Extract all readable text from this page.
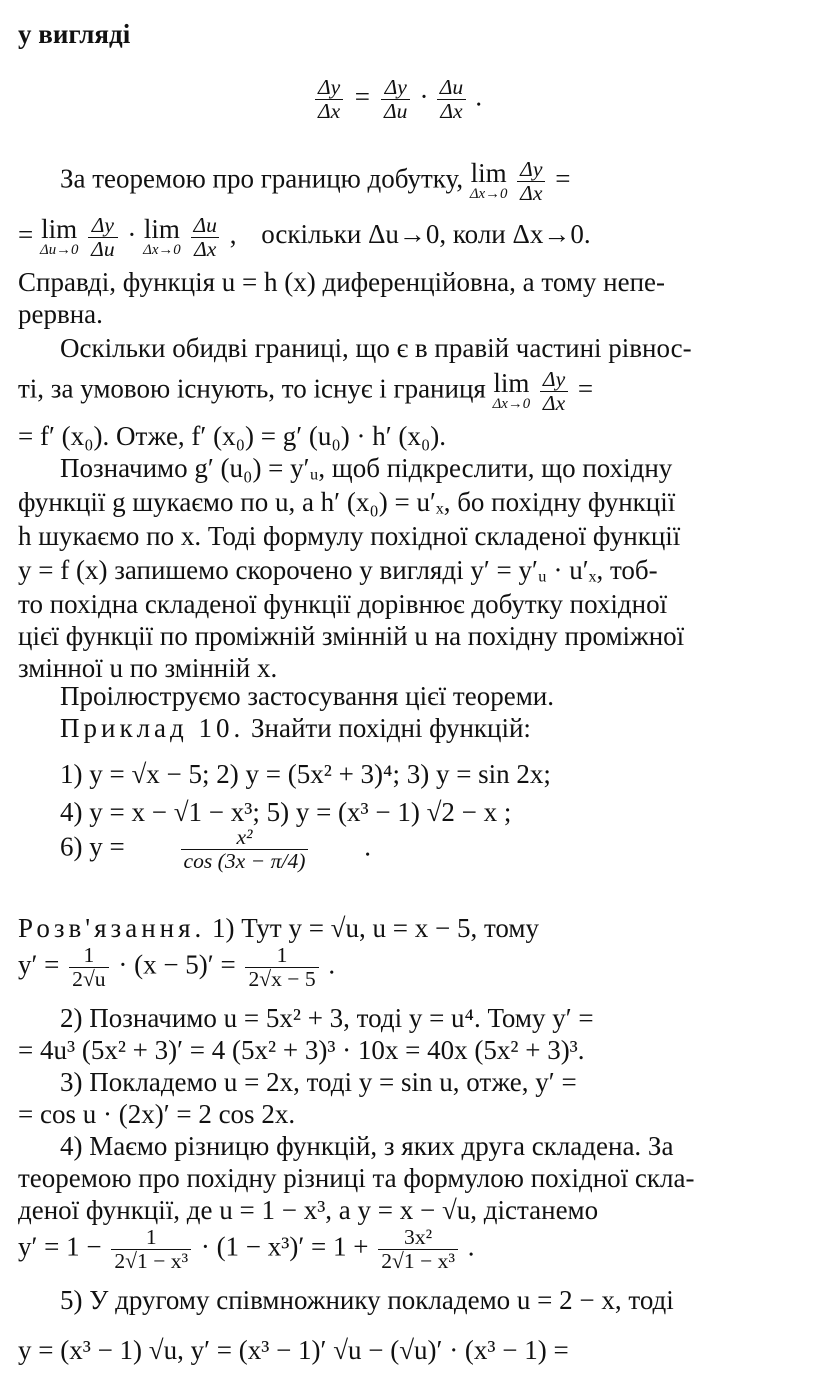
у вигляді
$\frac{\Delta y}{\Delta x} = \frac{\Delta y}{\Delta u} \cdot \frac{\Delta u}{\Delta x}$ .
За теоремою про границю добутку, lim
Δx→0
$\frac{\Delta y}{\Delta x}$ =
= lim
Δu→0
$\frac{\Delta y}{\Delta u} \cdot \lim$
Δx→0
$\frac{\Delta u}{\Delta x}$ , оскільки Δu→0, коли Δx→0.
Справді, функція u = h (x) диференційовна, а тому непе-
рервна.
Оскільки обидві границі, що є в правій частині рівнос-
ті, за умовою існують, то існує і границя lim
Δx→0
$\frac{\Delta y}{\Delta x}$ =
= f′ (x₀). Отже, f′ (x₀) = g′ (u₀) · h′ (x₀).
Позначимо g′ (u₀) = y′ᵤ, щоб підкреслити, що похідну
функції g шукаємо по u, а h′ (x₀) = u′ₓ, бо похідну функції
h шукаємо по x. Тоді формулу похідної складеної функції
y = f (x) запишемо скорочено у вигляді y′ = y′ᵤ · u′ₓ, тоб-
то похідна складеної функції дорівнює добутку похідної
цієї функції по проміжній змінній u на похідну проміжної
змінної u по змінній x.
Проілюструємо застосування цієї теореми.
Приклад 10. Знайти похідні функцій:
1) y = √x − 5; 2) y = (5x² + 3)⁴; 3) y = sin 2x;
4) y = x − √1 − x³; 5) y = (x³ − 1) √2 − x ;
6) $y = \frac{\text{x²}}{\cos (3x - \pi/4)}$ .
Розв'язання. 1) Тут y = √u, u = x − 5, тому
$y' = \frac{1}{2√u} \cdot (x - 5)' = \frac{1}{2√x - 5}$ .
2) Позначимо u = 5x² + 3, тоді y = u⁴. Тому y′ =
= 4u³ (5x² + 3)′ = 4 (5x² + 3)³ · 10x = 40x (5x² + 3)³.
3) Покладемо u = 2x, тоді y = sin u, отже, y′ =
= cos u · (2x)′ = 2 cos 2x.
4) Маємо різницю функцій, з яких друга складена. За
теоремою про похідну різниці та формулою похідної скла-
деної функції, де u = 1 − x³, а y = x − √u, дістанемо
$y' = 1 - \frac{1}{\text{2√1 − x³}} \cdot (1 - x^3)' = 1 + \frac{\text{3x²}}{\text{2√1 − x³}}$ .
5) У другому співмножнику покладемо u = 2 − x, тоді
y = (x³ − 1) √u, y′ = (x³ − 1)′ √u − (√u)′ · (x³ − 1) =
